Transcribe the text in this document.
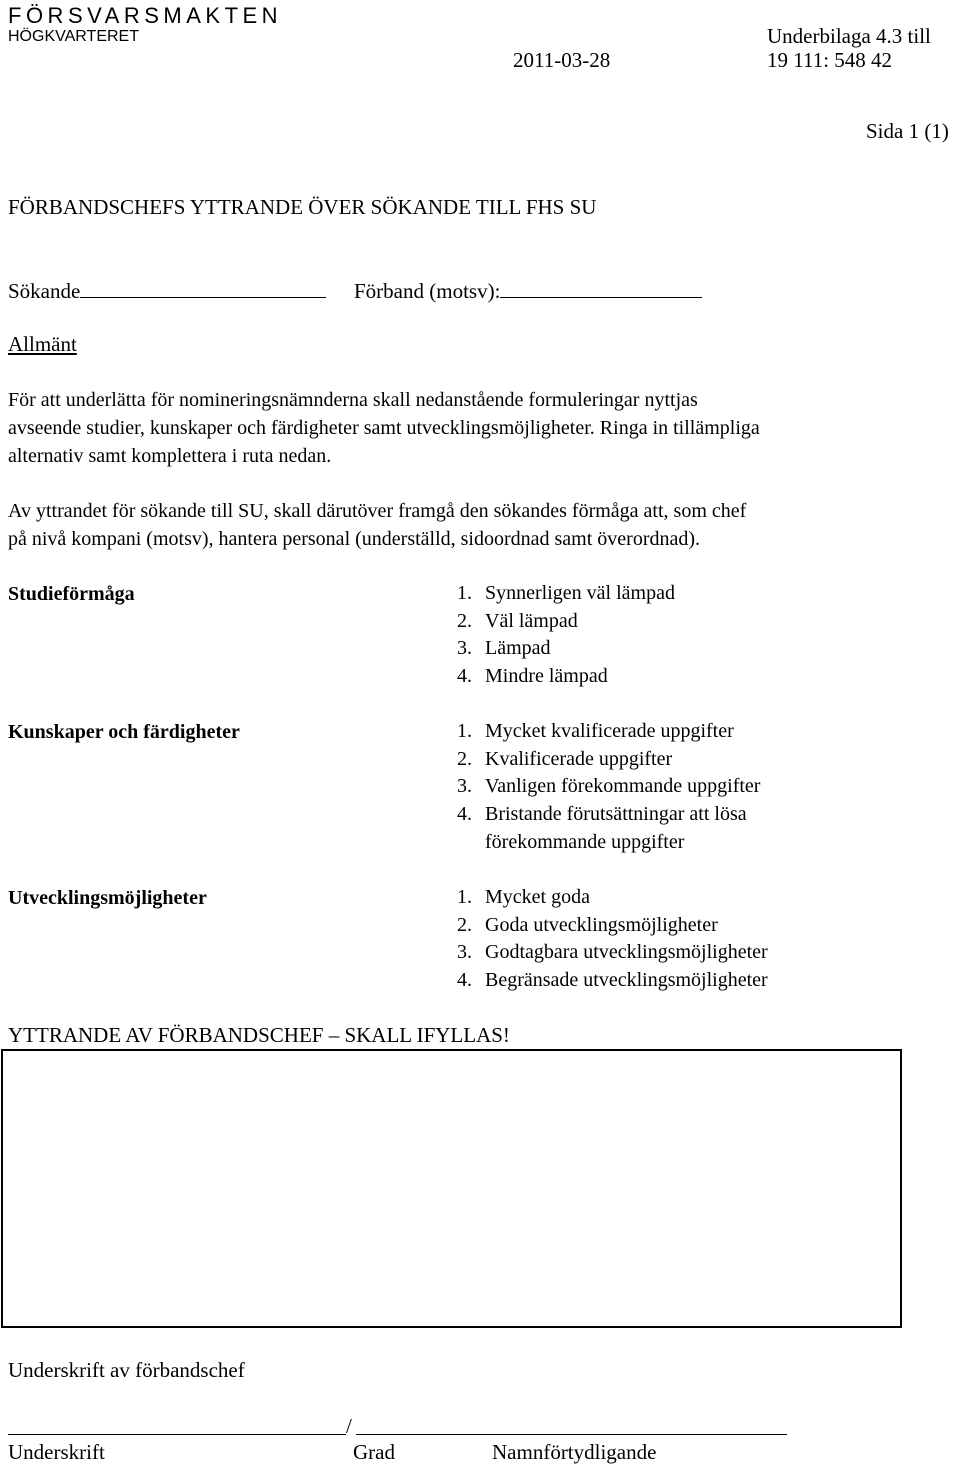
FÖRSVARSMAKTEN
HÖGKVARTERET
2011-03-28
Underbilaga 4.3 till
19 111: 548 42
Sida 1 (1)
FÖRBANDSCHEFS YTTRANDE ÖVER SÖKANDE TILL FHS SU
Sökande	Förband (motsv):
Allmänt
För att underlätta för nomineringsnämnderna skall nedanstående formuleringar nyttjas
avseende studier, kunskaper och färdigheter samt utvecklingsmöjligheter. Ringa in tillämpliga
alternativ samt komplettera i ruta nedan.
Av yttrandet för sökande till SU, skall därutöver framgå den sökandes förmåga att, som chef
på nivå kompani (motsv), hantera personal (underställd, sidoordnad samt överordnad).
Studieförmåga	1. Synnerligen väl lämpad
2. Väl lämpad
3. Lämpad
4. Mindre lämpad
Kunskaper och färdigheter	1. Mycket kvalificerade uppgifter
2. Kvalificerade uppgifter
3. Vanligen förekommande uppgifter
4. Bristande förutsättningar att lösa förekommande uppgifter
Utvecklingsmöjligheter	1. Mycket goda
2. Goda utvecklingsmöjligheter
3. Godtagbara utvecklingsmöjligheter
4. Begränsade utvecklingsmöjligheter
YTTRANDE AV FÖRBANDSCHEF – SKALL IFYLLAS!
Underskrift av förbandschef
/
Underskrift	Grad	Namnförtydligande
